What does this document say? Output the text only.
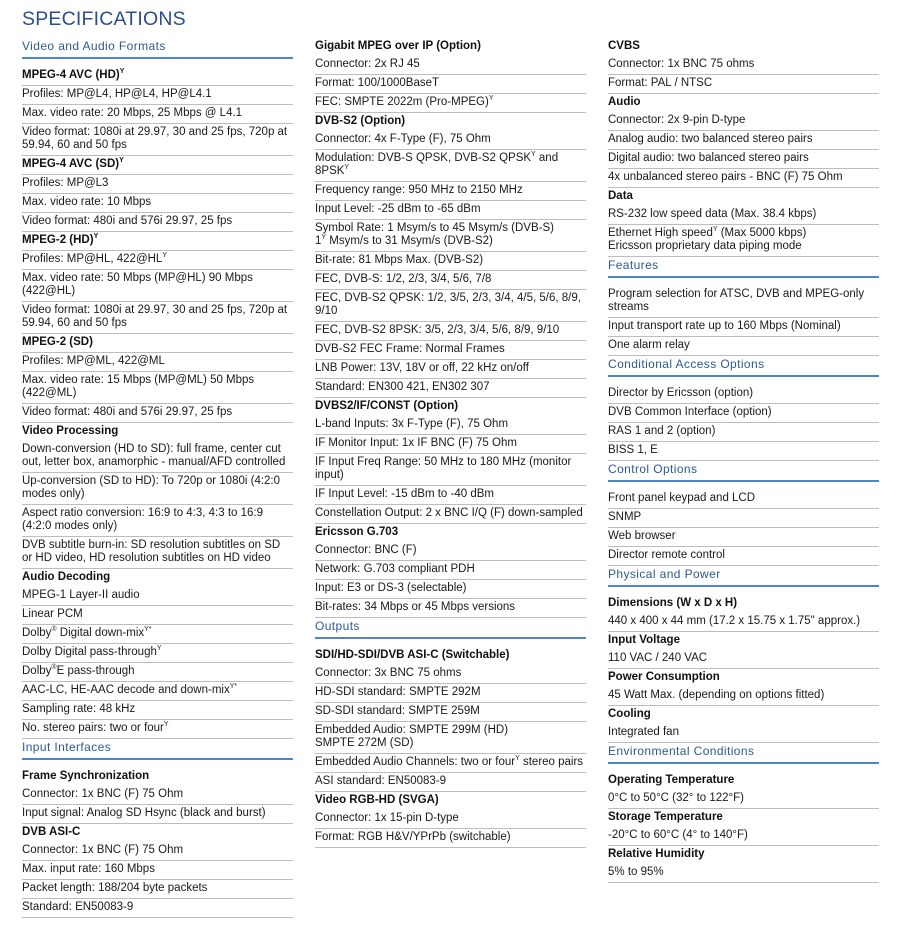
SPECIFICATIONS
Video and Audio Formats
MPEG-4 AVC (HD)$^Y$
Profiles: MP@L4, HP@L4, HP@L4.1
Max. video rate: 20 Mbps, 25 Mbps @ L4.1
Video format: 1080i at 29.97, 30 and 25 fps, 720p at 59.94, 60 and 50 fps
MPEG-4 AVC (SD)$^Y$
Profiles: MP@L3
Max. video rate: 10 Mbps
Video format: 480i and 576i 29.97, 25 fps
MPEG-2 (HD)$^Y$
Profiles: MP@HL, $422@HL^Y$
Max. video rate: 50 Mbps (MP@HL) 90 Mbps (422@HL)
Video format: 1080i at 29.97, 30 and 25 fps, 720p at 59.94, 60 and 50 fps
MPEG-2 (SD)
Profiles: MP@ML, 422@ML
Max. video rate: 15 Mbps (MP@ML) 50 Mbps (422@ML)
Video format: 480i and 576i 29.97, 25 fps
Video Processing
Down-conversion (HD to SD): full frame, center cut out, letter box, anamorphic - manual/AFD controlled
Up-conversion (SD to HD): To 720p or 1080i (4:2:0 modes only)
Aspect ratio conversion: 16:9 to 4:3, 4:3 to 16:9 (4:2:0 modes only)
DVB subtitle burn-in: SD resolution subtitles on SD or HD video, HD resolution subtitles on HD video
Audio Decoding
MPEG-1 Layer-II audio
Linear PCM
Dolby® Digital down-mix$^{Y*}$
Dolby Digital pass-through$^Y$
Dolby®E pass-through
AAC-LC, HE-AAC decode and down-mix$^{Y*}$
Sampling rate: 48 kHz
No. stereo pairs: two or four$^Y$
Input Interfaces
Frame Synchronization
Connector: 1x BNC (F) 75 Ohm
Input signal: Analog SD Hsync (black and burst)
DVB ASI-C
Connector: 1x BNC (F) 75 Ohm
Max. input rate: 160 Mbps
Packet length: 188/204 byte packets
Standard: EN50083-9
Gigabit MPEG over IP (Option)
Connector: 2x RJ 45
Format: 100/1000BaseT
FEC: SMPTE 2022m (Pro-MPEG)$^Y$
DVB-S2 (Option)
Connector: 4x F-Type (F), 75 Ohm
Modulation: DVB-S QPSK, DVB-S2 $QPSK^Y$ and $8PSK^Y$
Frequency range: 950 MHz to 2150 MHz
Input Level: -25 dBm to -65 dBm
Symbol Rate: 1 Msym/s to 45 Msym/s (DVB-S)
$1^Y$ Msym/s to 31 Msym/s (DVB-S2)
Bit-rate: 81 Mbps Max. (DVB-S2)
FEC, DVB-S: 1/2, 2/3, 3/4, 5/6, 7/8
FEC, DVB-S2 QPSK: 1/2, 3/5, 2/3, 3/4, 4/5, 5/6, 8/9, 9/10
FEC, DVB-S2 8PSK: 3/5, 2/3, 3/4, 5/6, 8/9, 9/10
DVB-S2 FEC Frame: Normal Frames
LNB Power: 13V, 18V or off, 22 kHz on/off
Standard: EN300 421, EN302 307
DVBS2/IF/CONST (Option)
L-band Inputs: 3x F-Type (F), 75 Ohm
IF Monitor Input: 1x IF BNC (F) 75 Ohm
IF Input Freq Range: 50 MHz to 180 MHz (monitor input)
IF Input Level: -15 dBm to -40 dBm
Constellation Output: 2 x BNC I/Q (F) down-sampled
Ericsson G.703
Connector: BNC (F)
Network: G.703 compliant PDH
Input: E3 or DS-3 (selectable)
Bit-rates: 34 Mbps or 45 Mbps versions
Outputs
SDI/HD-SDI/DVB ASI-C (Switchable)
Connector: 3x BNC 75 ohms
HD-SDI standard: SMPTE 292M
SD-SDI standard: SMPTE 259M
Embedded Audio: SMPTE 299M (HD)
SMPTE 272M (SD)
Embedded Audio Channels: two or four$^Y$ stereo pairs
ASI standard: EN50083-9
Video RGB-HD (SVGA)
Connector: 1x 15-pin D-type
Format: RGB H&V/YPrPb (switchable)
CVBS
Connector: 1x BNC 75 ohms
Format: PAL / NTSC
Audio
Connector: 2x 9-pin D-type
Analog audio: two balanced stereo pairs
Digital audio: two balanced stereo pairs
4x unbalanced stereo pairs - BNC (F) 75 Ohm
Data
RS-232 low speed data (Max. 38.4 kbps)
Ethernet High speed$^Y$ (Max 5000 kbps)
Ericsson proprietary data piping mode
Features
Program selection for ATSC, DVB and MPEG-only streams
Input transport rate up to 160 Mbps (Nominal)
One alarm relay
Conditional Access Options
Director by Ericsson (option)
DVB Common Interface (option)
RAS 1 and 2 (option)
BISS 1, E
Control Options
Front panel keypad and LCD
SNMP
Web browser
Director remote control
Physical and Power
Dimensions (W x D x H)
440 x 400 x 44 mm (17.2 x 15.75 x 1.75" approx.)
Input Voltage
110 VAC / 240 VAC
Power Consumption
45 Watt Max. (depending on options fitted)
Cooling
Integrated fan
Environmental Conditions
Operating Temperature
0°C to 50°C (32° to 122°F)
Storage Temperature
-20°C to 60°C (4° to 140°F)
Relative Humidity
5% to 95%
